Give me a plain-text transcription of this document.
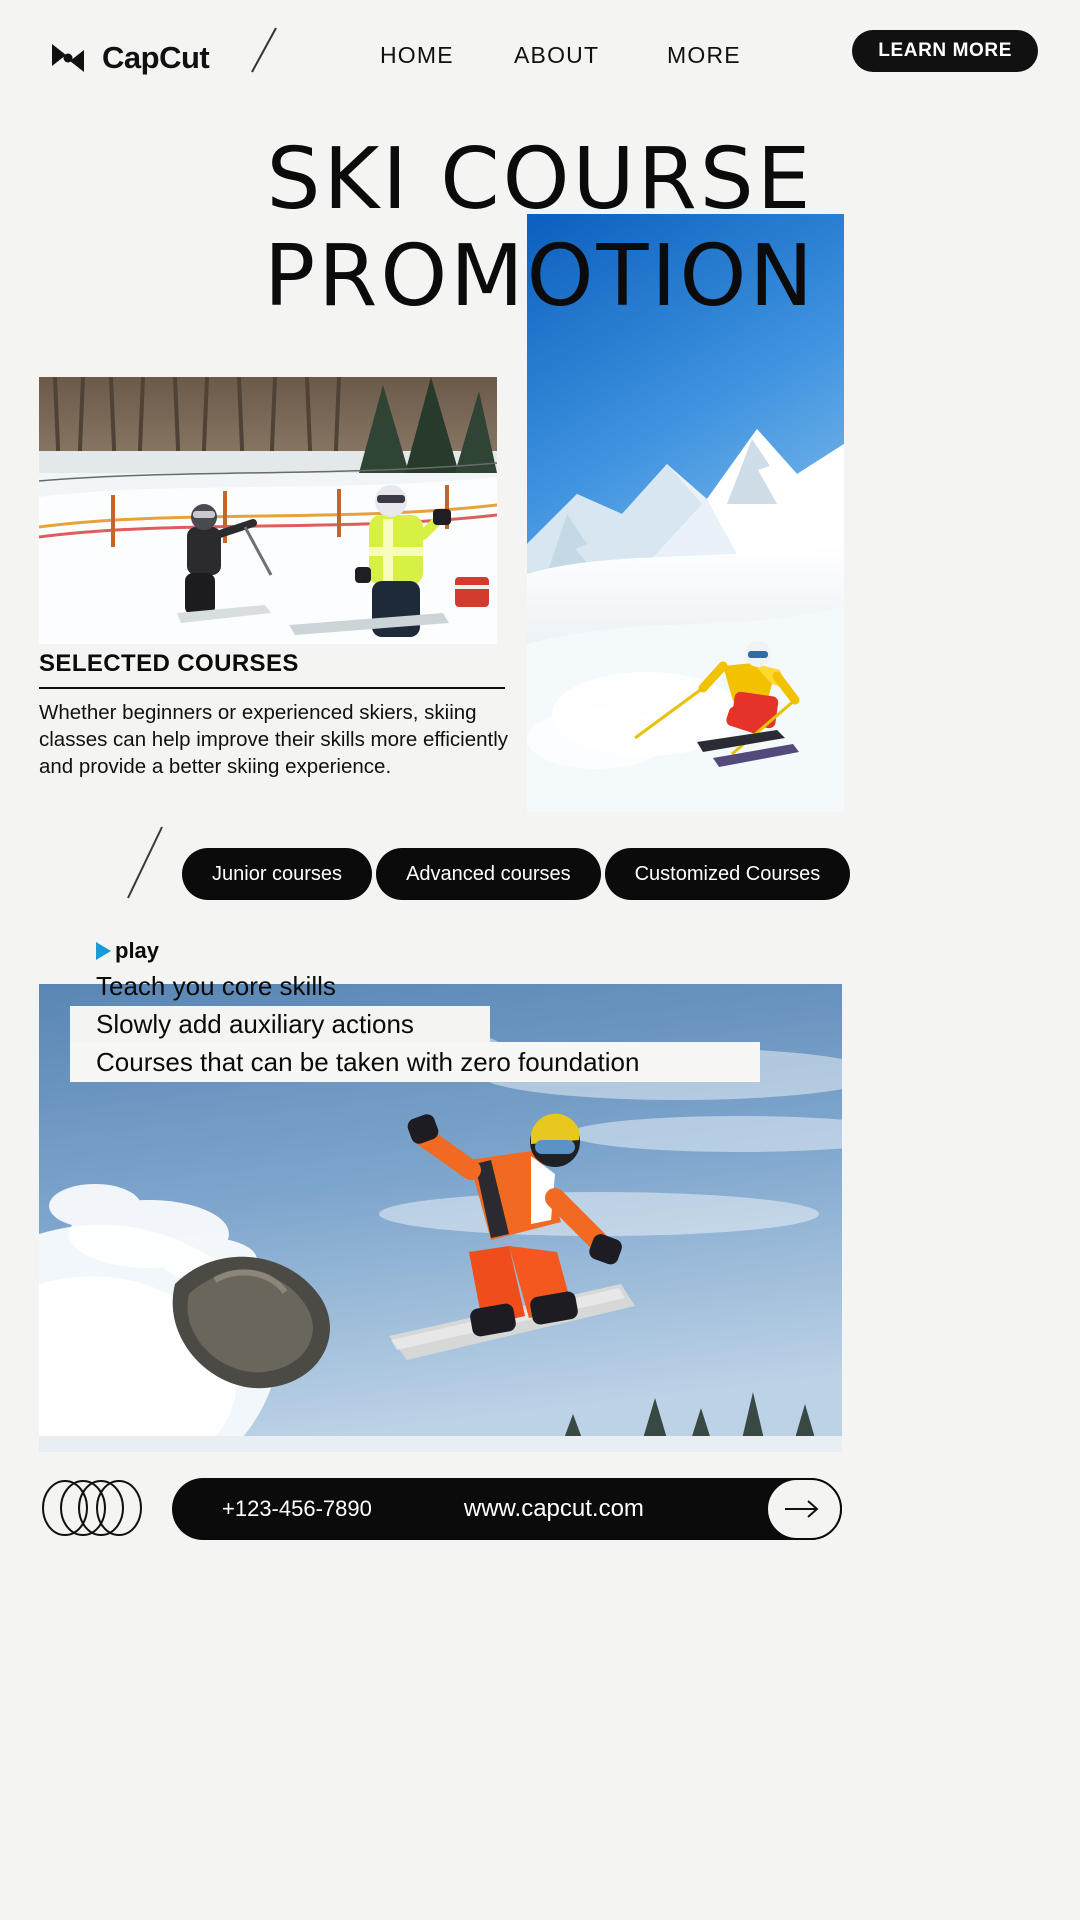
CapCut	HOME	ABOUT	MORE	LEARN MORE
SKI COURSE
PROMOTION
SELECTED COURSES
Whether beginners or experienced skiers, skiing classes can help improve their skills more efficiently and provide a better skiing experience.
Junior courses	Advanced courses	Customized Courses
play
Teach you core skills
Slowly add auxiliary actions
Courses that can be taken with zero foundation
+123-456-7890	www.capcut.com
